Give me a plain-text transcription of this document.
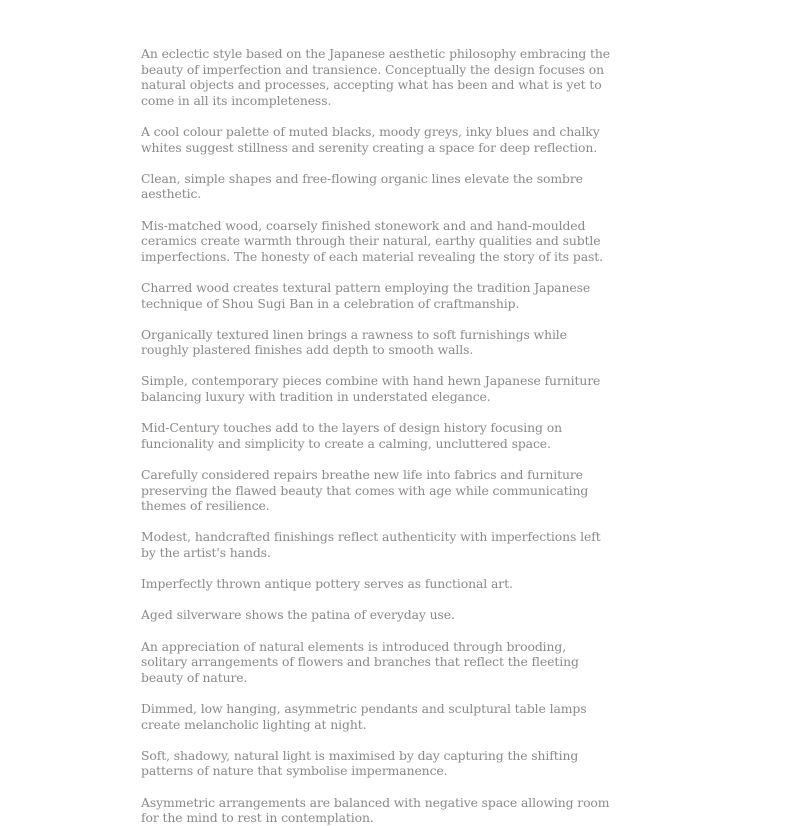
An eclectic style based on the Japanese aesthetic philosophy embracing the beauty of imperfection and transience. Conceptually the design focuses on natural objects and processes, accepting what has been and what is yet to come in all its incompleteness.

A cool colour palette of muted blacks, moody greys, inky blues and chalky whites suggest stillness and serenity creating a space for deep reflection.

Clean, simple shapes and free-flowing organic lines elevate the sombre aesthetic.

Mis-matched wood, coarsely finished stonework and and hand-moulded ceramics create warmth through their natural, earthy qualities and subtle imperfections. The honesty of each material revealing the story of its past.

Charred wood creates textural pattern employing the tradition Japanese technique of Shou Sugi Ban in a celebration of craftmanship.

Organically textured linen brings a rawness to soft furnishings while roughly plastered finishes add depth to smooth walls.

Simple, contemporary pieces combine with hand hewn Japanese furniture balancing luxury with tradition in understated elegance.

Mid-Century touches add to the layers of design history focusing on funcionality and simplicity to create a calming, uncluttered space.

Carefully considered repairs breathe new life into fabrics and furniture preserving the flawed beauty that comes with age while communicating themes of resilience.

Modest, handcrafted finishings reflect authenticity with imperfections left by the artist's hands.

Imperfectly thrown antique pottery serves as functional art.

Aged silverware shows the patina of everyday use.

An appreciation of natural elements is introduced through brooding, solitary arrangements of flowers and branches that reflect the fleeting beauty of nature.

Dimmed, low hanging, asymmetric pendants and sculptural table lamps create melancholic lighting at night.

Soft, shadowy, natural light is maximised by day capturing the shifting patterns of nature that symbolise impermanence.

Asymmetric arrangements are balanced with negative space allowing room for the mind to rest in contemplation.
